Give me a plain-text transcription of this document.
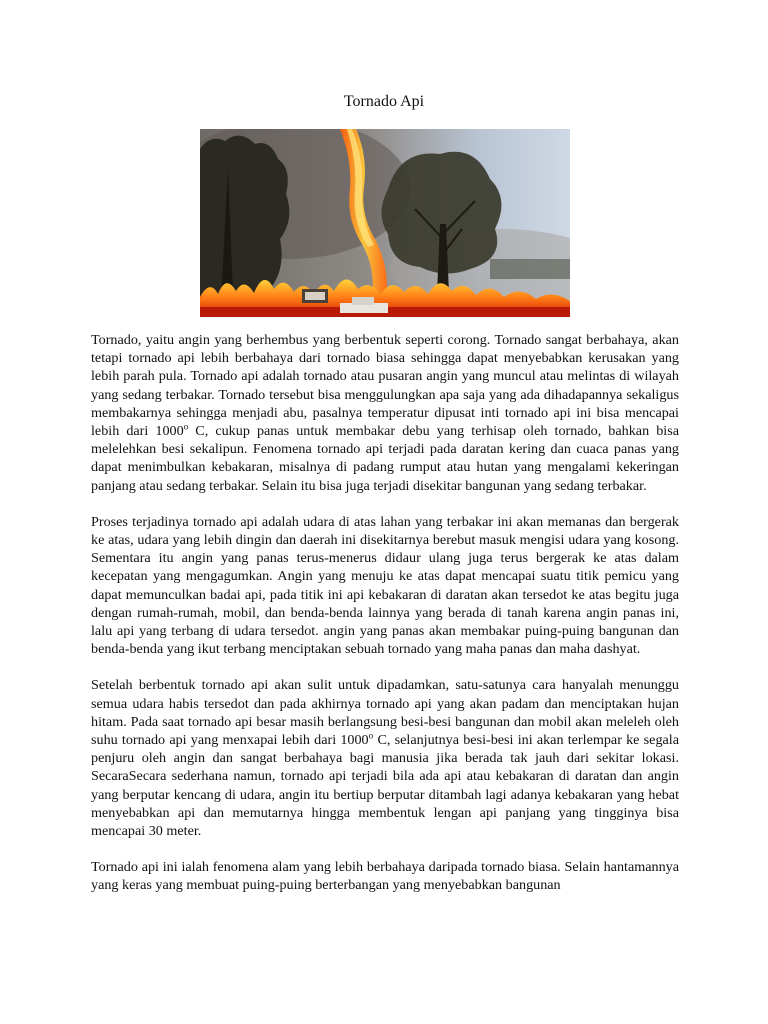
Tornado Api

Tornado, yaitu angin yang berhembus yang berbentuk seperti corong. Tornado sangat berbahaya, akan tetapi tornado api lebih berbahaya dari tornado biasa sehingga dapat menyebabkan kerusakan yang lebih parah pula. Tornado api adalah tornado atau pusaran angin yang muncul atau melintas di wilayah yang sedang terbakar. Tornado tersebut bisa menggulungkan apa saja yang ada dihadapannya sekaligus membakarnya sehingga menjadi abu, pasalnya temperatur dipusat inti tornado api ini bisa mencapai lebih dari 1000$^o$ C, cukup panas untuk membakar debu yang terhisap oleh tornado, bahkan bisa melelehkan besi sekalipun. Fenomena tornado api terjadi pada daratan kering dan cuaca panas yang dapat menimbulkan kebakaran, misalnya di padang rumput atau hutan yang mengalami kekeringan panjang atau sedang terbakar. Selain itu bisa juga terjadi disekitar bangunan yang sedang terbakar.

Proses terjadinya tornado api adalah udara di atas lahan yang terbakar ini akan memanas dan bergerak ke atas, udara yang lebih dingin dan daerah ini disekitarnya berebut masuk mengisi udara yang kosong. Sementara itu angin yang panas terus-menerus didaur ulang juga terus bergerak ke atas dalam kecepatan yang mengagumkan. Angin yang menuju ke atas dapat mencapai suatu titik pemicu yang dapat memunculkan badai api, pada titik ini api kebakaran di daratan akan tersedot ke atas begitu juga dengan rumah-rumah, mobil, dan benda-benda lainnya yang berada di tanah karena angin panas ini, lalu api yang terbang di udara tersedot. angin yang panas akan membakar puing-puing bangunan dan benda-benda yang ikut terbang menciptakan sebuah tornado yang maha panas dan maha dashyat.

Setelah berbentuk tornado api akan sulit untuk dipadamkan, satu-satunya cara hanyalah menunggu semua udara habis tersedot dan pada akhirnya tornado api yang akan padam dan menciptakan hujan hitam. Pada saat tornado api besar masih berlangsung besi-besi bangunan dan mobil akan meleleh oleh suhu tornado api yang menxapai lebih dari 1000$^o$ C, selanjutnya besi-besi ini akan terlempar ke segala penjuru oleh angin dan sangat berbahaya bagi manusia jika berada tak jauh dari sekitar lokasi. SecaraSecara sederhana namun, tornado api terjadi bila ada api atau kebakaran di daratan dan angin yang berputar kencang di udara, angin itu bertiup berputar ditambah lagi adanya kebakaran yang hebat menyebabkan api dan memutarnya hingga membentuk lengan api panjang yang tingginya bisa mencapai 30 meter.

Tornado api ini ialah fenomena alam yang lebih berbahaya daripada tornado biasa. Selain hantamannya yang keras yang membuat puing-puing berterbangan yang menyebabkan bangunan
